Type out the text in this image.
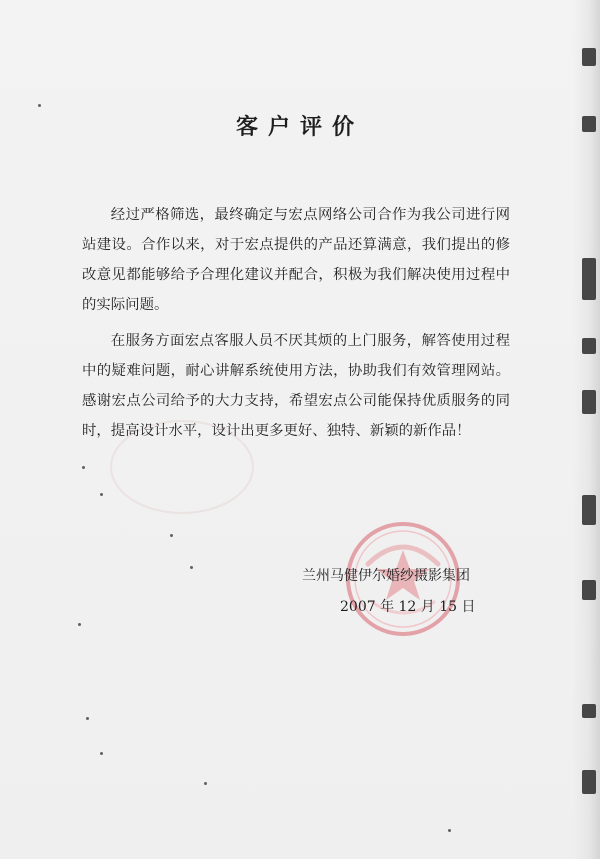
客户评价

经过严格筛选，最终确定与宏点网络公司合作为我公司进行网站建设。合作以来，对于宏点提供的产品还算满意，我们提出的修改意见都能够给予合理化建议并配合，积极为我们解决使用过程中的实际问题。

在服务方面宏点客服人员不厌其烦的上门服务，解答使用过程中的疑难问题，耐心讲解系统使用方法，协助我们有效管理网站。感谢宏点公司给予的大力支持，希望宏点公司能保持优质服务的同时，提高设计水平，设计出更多更好、独特、新颖的新作品！

兰州马健伊尔婚纱摄影集团
2007 年 12 月 15 日
